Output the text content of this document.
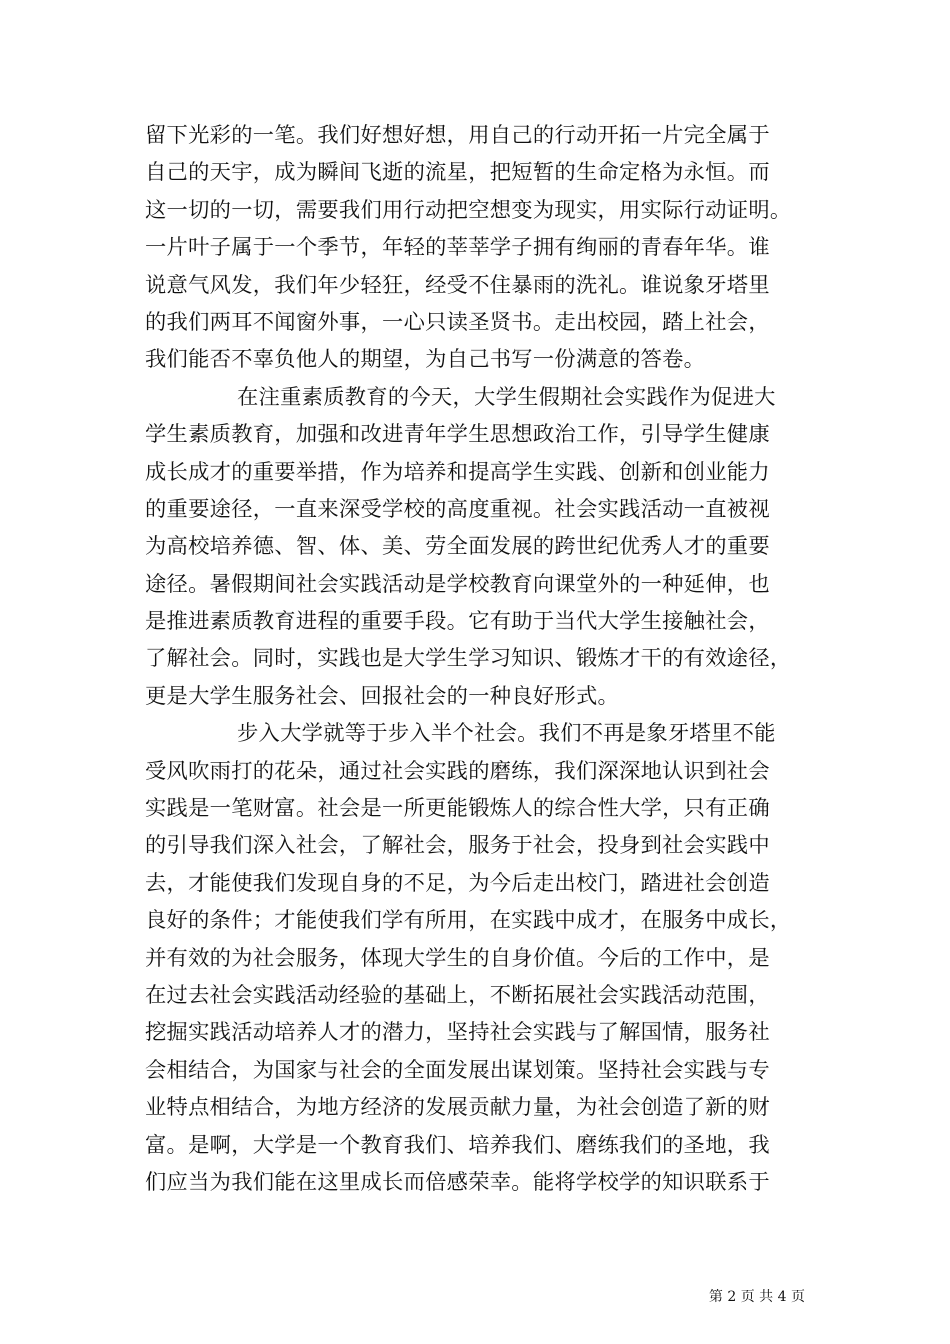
留下光彩的一笔。我们好想好想，用自己的行动开拓一片完全属于
自己的天宇，成为瞬间飞逝的流星，把短暂的生命定格为永恒。而
这一切的一切，需要我们用行动把空想变为现实，用实际行动证明。
一片叶子属于一个季节，年轻的莘莘学子拥有绚丽的青春年华。谁
说意气风发，我们年少轻狂，经受不住暴雨的洗礼。谁说象牙塔里
的我们两耳不闻窗外事，一心只读圣贤书。走出校园，踏上社会，
我们能否不辜负他人的期望，为自己书写一份满意的答卷。
在注重素质教育的今天，大学生假期社会实践作为促进大
学生素质教育，加强和改进青年学生思想政治工作，引导学生健康
成长成才的重要举措，作为培养和提高学生实践、创新和创业能力
的重要途径，一直来深受学校的高度重视。社会实践活动一直被视
为高校培养德、智、体、美、劳全面发展的跨世纪优秀人才的重要
途径。暑假期间社会实践活动是学校教育向课堂外的一种延伸，也
是推进素质教育进程的重要手段。它有助于当代大学生接触社会，
了解社会。同时，实践也是大学生学习知识、锻炼才干的有效途径，
更是大学生服务社会、回报社会的一种良好形式。
步入大学就等于步入半个社会。我们不再是象牙塔里不能
受风吹雨打的花朵，通过社会实践的磨练，我们深深地认识到社会
实践是一笔财富。社会是一所更能锻炼人的综合性大学，只有正确
的引导我们深入社会，了解社会，服务于社会，投身到社会实践中
去，才能使我们发现自身的不足，为今后走出校门，踏进社会创造
良好的条件；才能使我们学有所用，在实践中成才，在服务中成长，
并有效的为社会服务，体现大学生的自身价值。今后的工作中，是
在过去社会实践活动经验的基础上，不断拓展社会实践活动范围，
挖掘实践活动培养人才的潜力，坚持社会实践与了解国情，服务社
会相结合，为国家与社会的全面发展出谋划策。坚持社会实践与专
业特点相结合，为地方经济的发展贡献力量，为社会创造了新的财
富。是啊，大学是一个教育我们、培养我们、磨练我们的圣地，我
们应当为我们能在这里成长而倍感荣幸。能将学校学的知识联系于
第 2 页 共 4 页
